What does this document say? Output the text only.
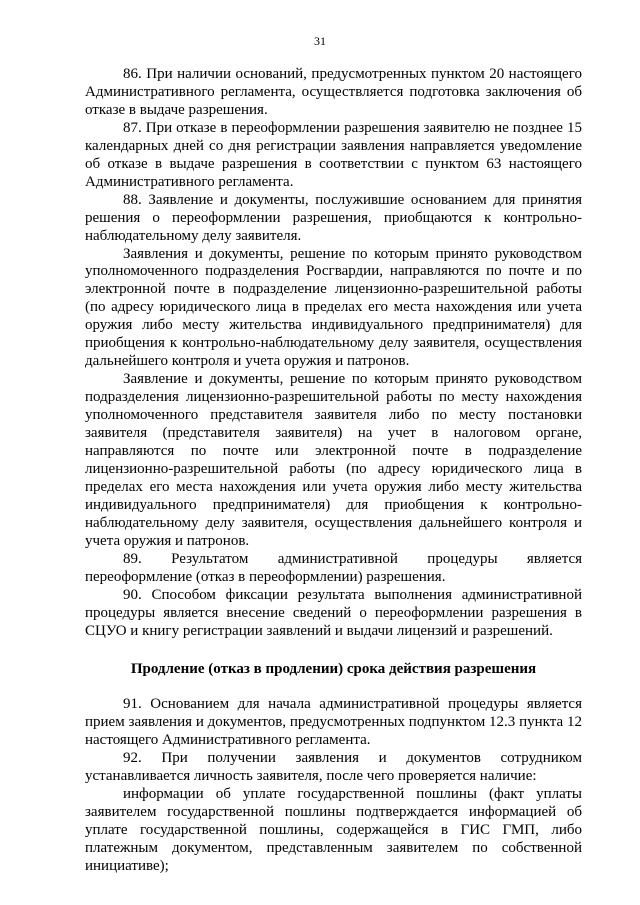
31

86. При наличии оснований, предусмотренных пунктом 20 настоящего Административного регламента, осуществляется подготовка заключения об отказе в выдаче разрешения.

87. При отказе в переоформлении разрешения заявителю не позднее 15 календарных дней со дня регистрации заявления направляется уведомление об отказе в выдаче разрешения в соответствии с пунктом 63 настоящего Административного регламента.

88. Заявление и документы, послужившие основанием для принятия решения о переоформлении разрешения, приобщаются к контрольно-наблюдательному делу заявителя.

Заявления и документы, решение по которым принято руководством уполномоченного подразделения Росгвардии, направляются по почте и по электронной почте в подразделение лицензионно-разрешительной работы (по адресу юридического лица в пределах его места нахождения или учета оружия либо месту жительства индивидуального предпринимателя) для приобщения к контрольно-наблюдательному делу заявителя, осуществления дальнейшего контроля и учета оружия и патронов.

Заявление и документы, решение по которым принято руководством подразделения лицензионно-разрешительной работы по месту нахождения уполномоченного представителя заявителя либо по месту постановки заявителя (представителя заявителя) на учет в налоговом органе, направляются по почте или электронной почте в подразделение лицензионно-разрешительной работы (по адресу юридического лица в пределах его места нахождения или учета оружия либо месту жительства индивидуального предпринимателя) для приобщения к контрольно-наблюдательному делу заявителя, осуществления дальнейшего контроля и учета оружия и патронов.

89. Результатом административной процедуры является переоформление (отказ в переоформлении) разрешения.

90. Способом фиксации результата выполнения административной процедуры является внесение сведений о переоформлении разрешения в СЦУО и книгу регистрации заявлений и выдачи лицензий и разрешений.

Продление (отказ в продлении) срока действия разрешения

91. Основанием для начала административной процедуры является прием заявления и документов, предусмотренных подпунктом 12.3 пункта 12 настоящего Административного регламента.

92. При получении заявления и документов сотрудником устанавливается личность заявителя, после чего проверяется наличие:

информации об уплате государственной пошлины (факт уплаты заявителем государственной пошлины подтверждается информацией об уплате государственной пошлины, содержащейся в ГИС ГМП, либо платежным документом, представленным заявителем по собственной инициативе);
